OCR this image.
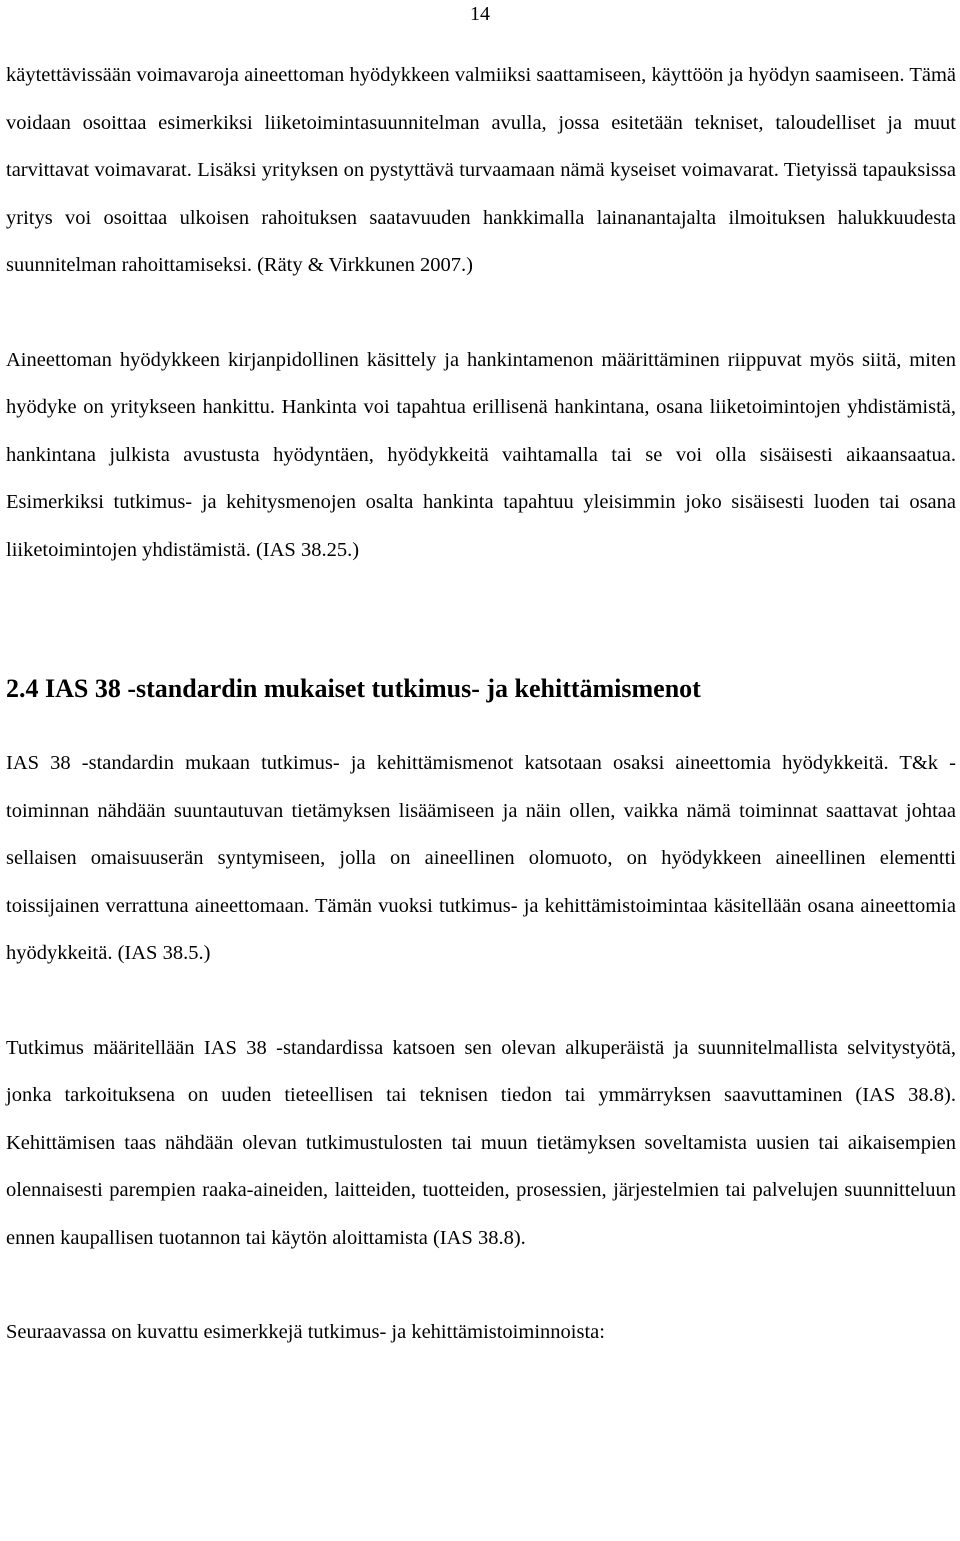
14

käytettävissään voimavaroja aineettoman hyödykkeen valmiiksi saattamiseen, käyttöön ja hyödyn saamiseen. Tämä voidaan osoittaa esimerkiksi liiketoimintasuunnitelman avulla, jossa esitetään tekniset, taloudelliset ja muut tarvittavat voimavarat. Lisäksi yrityksen on pystyttävä turvaamaan nämä kyseiset voimavarat. Tietyissä tapauksissa yritys voi osoittaa ulkoisen rahoituksen saatavuuden hankkimalla lainanantajalta ilmoituksen halukkuudesta suunnitelman rahoittamiseksi. (Räty & Virkkunen 2007.)

Aineettoman hyödykkeen kirjanpidollinen käsittely ja hankintamenon määrittäminen riippuvat myös siitä, miten hyödyke on yritykseen hankittu. Hankinta voi tapahtua erillisenä hankintana, osana liiketoimintojen yhdistämistä, hankintana julkista avustusta hyödyntäen, hyödykkeitä vaihtamalla tai se voi olla sisäisesti aikaansaatua. Esimerkiksi tutkimus- ja kehitysmenojen osalta hankinta tapahtuu yleisimmin joko sisäisesti luoden tai osana liiketoimintojen yhdistämistä. (IAS 38.25.)

2.4 IAS 38 -standardin mukaiset tutkimus- ja kehittämismenot

IAS 38 -standardin mukaan tutkimus- ja kehittämismenot katsotaan osaksi aineettomia hyödykkeitä. T&k -toiminnan nähdään suuntautuvan tietämyksen lisäämiseen ja näin ollen, vaikka nämä toiminnat saattavat johtaa sellaisen omaisuuserän syntymiseen, jolla on aineellinen olomuoto, on hyödykkeen aineellinen elementti toissijainen verrattuna aineettomaan. Tämän vuoksi tutkimus- ja kehittämistoimintaa käsitellään osana aineettomia hyödykkeitä. (IAS 38.5.)

Tutkimus määritellään IAS 38 -standardissa katsoen sen olevan alkuperäistä ja suunnitelmallista selvitystyötä, jonka tarkoituksena on uuden tieteellisen tai teknisen tiedon tai ymmärryksen saavuttaminen (IAS 38.8). Kehittämisen taas nähdään olevan tutkimustulosten tai muun tietämyksen soveltamista uusien tai aikaisempien olennaisesti parempien raaka-aineiden, laitteiden, tuotteiden, prosessien, järjestelmien tai palvelujen suunnitteluun ennen kaupallisen tuotannon tai käytön aloittamista (IAS 38.8).

Seuraavassa on kuvattu esimerkkejä tutkimus- ja kehittämistoiminnoista:
